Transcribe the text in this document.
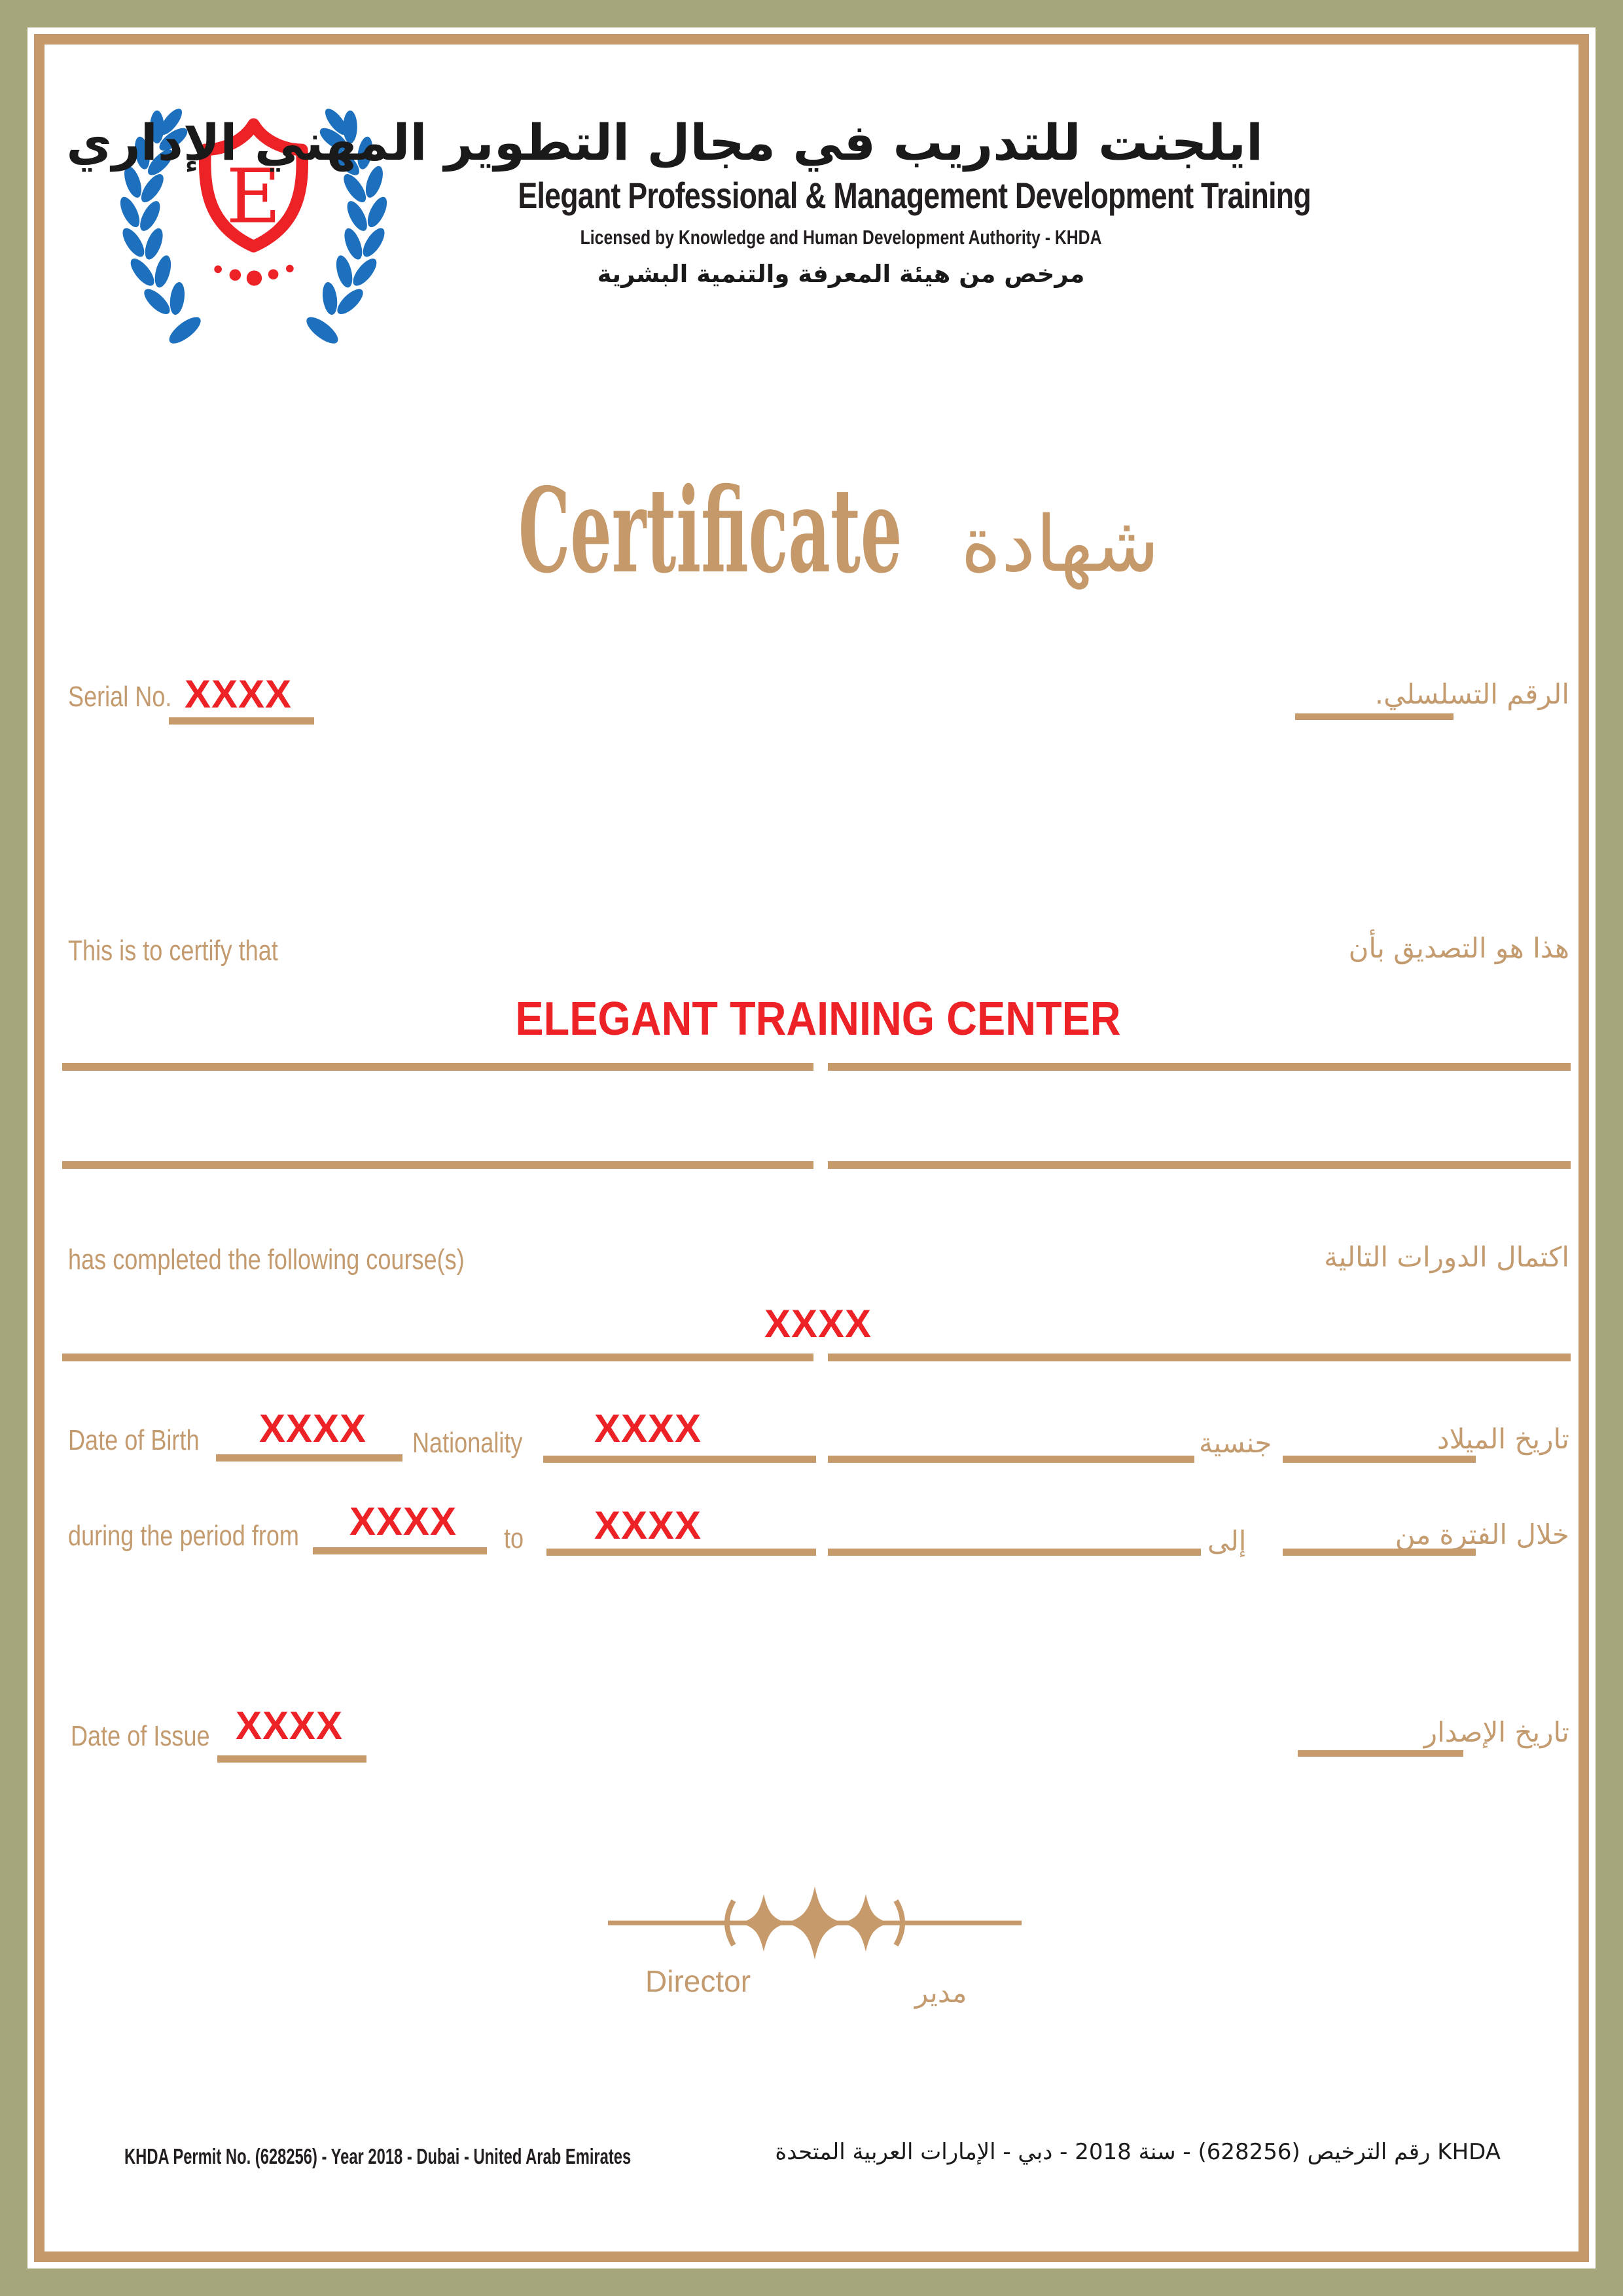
E
ايلجنت للتدريب في مجال التطوير المهني الإداري
Elegant Professional & Management Development Training
Licensed by Knowledge and Human Development Authority - KHDA
مرخص من هيئة المعرفة والتنمية البشرية
Certificate شهادة
Serial No. XXXX	الرقم التسلسلي.
This is to certify that	هذا هو التصديق بأن
ELEGANT TRAINING CENTER
has completed the following course(s)	اكتمال الدورات التالية
XXXX
Date of Birth XXXX Nationality XXXX	جنسية	تاريخ الميلاد
during the period from XXXX to XXXX	إلى	خلال الفترة من
Date of Issue XXXX	تاريخ الإصدار
Director	مدير
KHDA Permit No. (628256) - Year 2018 - Dubai - United Arab Emirates	KHDA رقم الترخيص (628256) - سنة 2018 - دبي - الإمارات العربية المتحدة
